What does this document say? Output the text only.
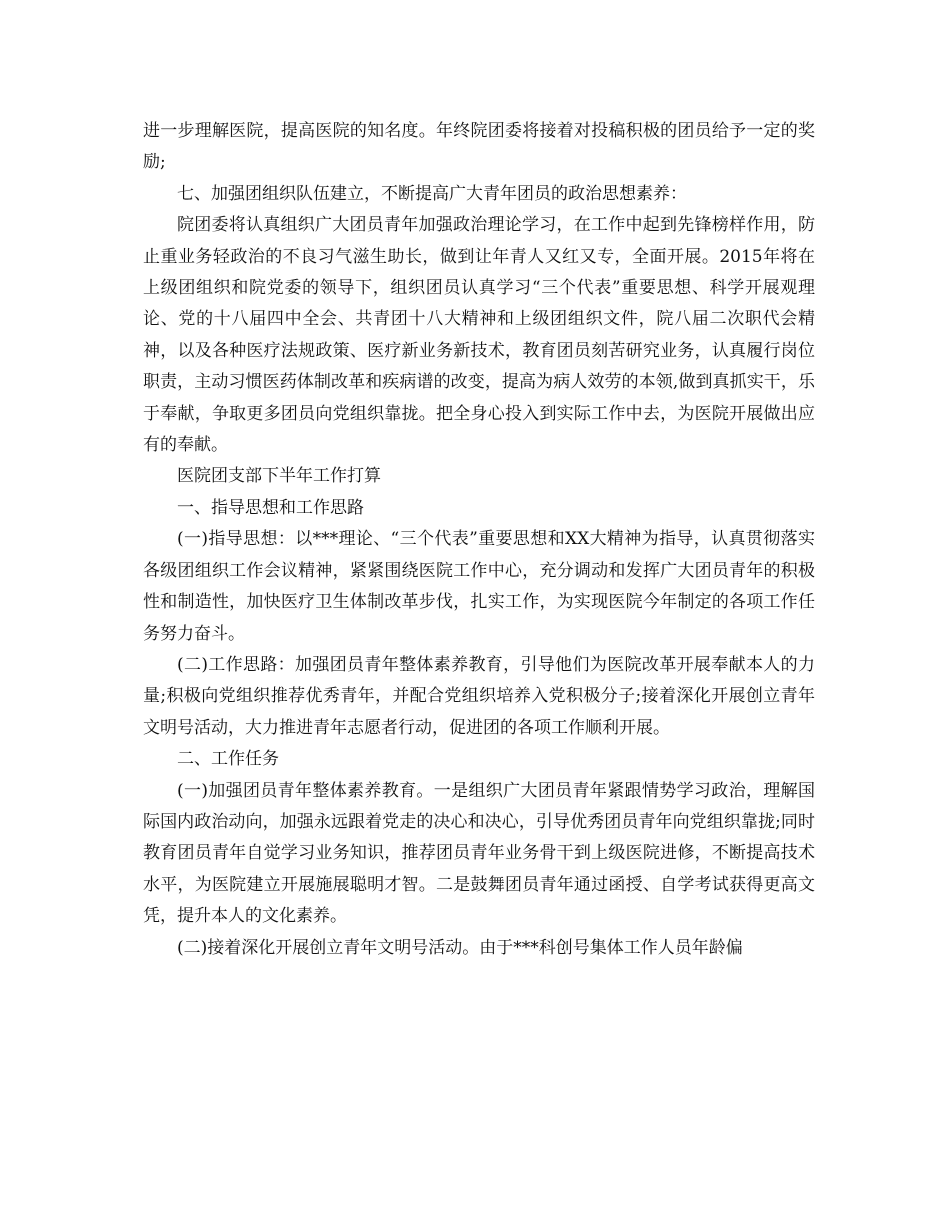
进一步理解医院，提高医院的知名度。年终院团委将接着对投稿积极的团员给予一定的奖励;

七、加强团组织队伍建立，不断提高广大青年团员的政治思想素养：

院团委将认真组织广大团员青年加强政治理论学习，在工作中起到先锋榜样作用，防止重业务轻政治的不良习气滋生助长，做到让年青人又红又专，全面开展。2015年将在上级团组织和院党委的领导下，组织团员认真学习“三个代表”重要思想、科学开展观理论、党的十八届四中全会、共青团十八大精神和上级团组织文件，院八届二次职代会精神，以及各种医疗法规政策、医疗新业务新技术，教育团员刻苦研究业务，认真履行岗位职责，主动习惯医药体制改革和疾病谱的改变，提高为病人效劳的本领,做到真抓实干，乐于奉献，争取更多团员向党组织靠拢。把全身心投入到实际工作中去，为医院开展做出应有的奉献。

医院团支部下半年工作打算

一、指导思想和工作思路

(一)指导思想：以***理论、“三个代表”重要思想和XX大精神为指导，认真贯彻落实各级团组织工作会议精神，紧紧围绕医院工作中心，充分调动和发挥广大团员青年的积极性和制造性，加快医疗卫生体制改革步伐，扎实工作，为实现医院今年制定的各项工作任务努力奋斗。

(二)工作思路：加强团员青年整体素养教育，引导他们为医院改革开展奉献本人的力量;积极向党组织推荐优秀青年，并配合党组织培养入党积极分子;接着深化开展创立青年文明号活动，大力推进青年志愿者行动，促进团的各项工作顺利开展。

二、工作任务

(一)加强团员青年整体素养教育。一是组织广大团员青年紧跟情势学习政治，理解国际国内政治动向，加强永远跟着党走的决心和决心，引导优秀团员青年向党组织靠拢;同时教育团员青年自觉学习业务知识，推荐团员青年业务骨干到上级医院进修，不断提高技术水平，为医院建立开展施展聪明才智。二是鼓舞团员青年通过函授、自学考试获得更高文凭，提升本人的文化素养。

(二)接着深化开展创立青年文明号活动。由于***科创号集体工作人员年龄偏
